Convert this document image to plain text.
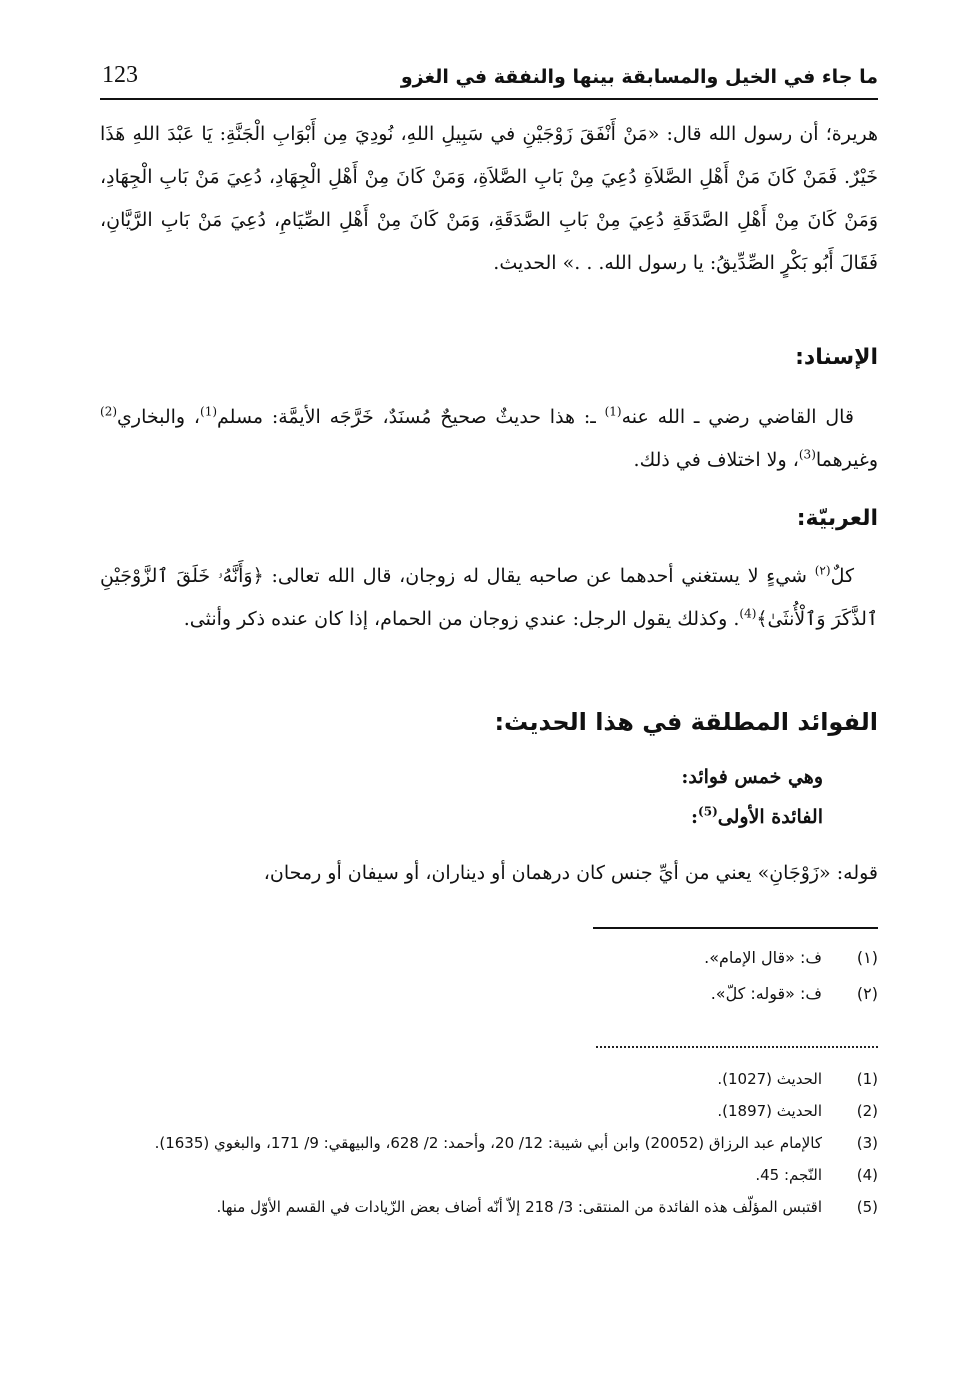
ما جاء في الخيل والمسابقة بينها والنفقة في الغزو
123

هريرة؛ أن رسول الله قال: «مَنْ أَنْفَقَ زَوْجَيْنِ في سَبِيلِ اللهِ، نُودِيَ مِن أَبْوَابِ الْجَنَّةِ: يَا عَبْدَ اللهِ هَذَا خَيْرٌ. فَمَنْ كَانَ مَنْ أَهْلِ الصَّلاَةِ دُعِيَ مِنْ بَابِ الصَّلاَةِ، وَمَنْ كَانَ مِنْ أَهْلِ الْجِهَادِ، دُعِيَ مَنْ بَابِ الْجِهَادِ، وَمَنْ كَانَ مِنْ أَهْلِ الصَّدَقَةِ دُعِيَ مِنْ بَابِ الصَّدَقَةِ، وَمَنْ كَانَ مِنْ أَهْلِ الصِّيَامِ، دُعِيَ مَنْ بَابِ الرَّيَّانِ، فَقَالَ أَبُو بَكْرٍ الصِّدِّيقُ: يا رسول الله. . .» الحديث.

الإسناد:

قال القاضي رضي ـ الله عنه$^{(1)}$ ـ: هذا حديثٌ صحيحٌ مُسنَدٌ، خَرَّجَه الأيمَّة: مسلم$^{(1)}$، والبخاري$^{(2)}$ وغيرهما$^{(3)}$، ولا اختلاف في ذلك.

العربيّة:

كلٌ$^{(٢)}$ شيءٍ لا يستغني أحدهما عن صاحبه يقال له زوجان، قال الله تعالى: ﴿وَأَنَّهُۥ خَلَقَ ٱلزَّوْجَيْنِ ٱلذَّكَرَ وَٱلْأُنثَىٰ﴾$^{(4)}$. وكذلك يقول الرجل: عندي زوجان من الحمام، إذا كان عنده ذكر وأنثى.

الفوائد المطلقة في هذا الحديث:
وهي خمس فوائد:
الفائدة الأولى$^{(5)}$:

قوله: «زَوْجَانِ» يعني من أيِّ جنس كان درهمان أو ديناران، أو سيفان أو رمحان،

(١)
ف: «قال الإمام».
(٢)
ف: «قوله: كلّ».
(1)
الحديث (1027).
(2)
الحديث (1897).
(3)
كالإمام عبد الرزاق (20052) وابن أبي شيبة: 12/ 20، وأحمد: 2/ 628، والبيهقي: 9/ 171، والبغوي (1635).
(4)
النّجم: 45.
(5)
اقتبس المؤلّف هذه الفائدة من المنتقى: 3/ 218 إلاّ أنّه أضاف بعض الزّيادات في القسم الأوّل منها.
